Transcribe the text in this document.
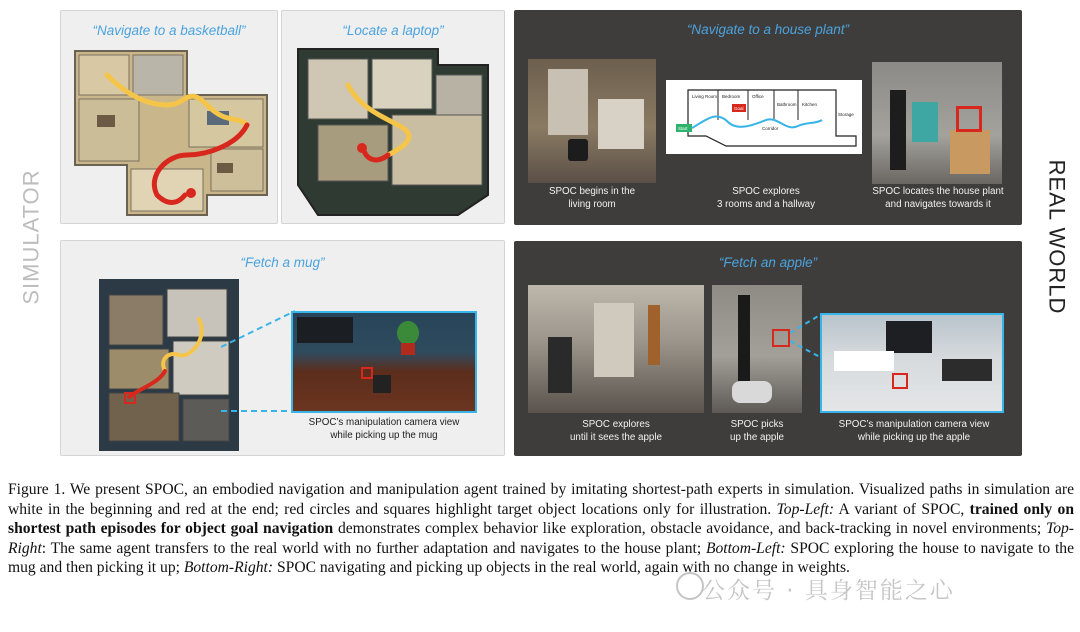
SIMULATOR	REAL WORLD
“Navigate to a basketball”	“Locate a laptop”	“Navigate to a house plant”
SPOC begins in the
living room
Living Room Bedroom	Office
Bathroom Kitchen
Storage
Corridor
Start
Goal
SPOC explores
3 rooms and a hallway
SPOC locates the house plant
and navigates towards it
“Fetch a mug”
SPOC’s manipulation camera view
while picking up the mug
“Fetch an apple”
SPOC explores
until it sees the apple
SPOC picks
up the apple
SPOC’s manipulation camera view
while picking up the apple
Figure 1. We present SPOC, an embodied navigation and manipulation agent trained by imitating shortest-path experts in simulation. Visualized paths in simulation are white in the beginning and red at the end; red circles and squares highlight target object locations only for illustration. Top-Left: A variant of SPOC, trained only on shortest path episodes for object goal navigation demonstrates complex behavior like exploration, obstacle avoidance, and back-tracking in novel environments; Top-Right: The same agent transfers to the real world with no further adaptation and navigates to the house plant; Bottom-Left: SPOC exploring the house to navigate to the mug and then picking it up; Bottom-Right: SPOC navigating and picking up objects in the real world, again with no change in weights.
公众号 · 具身智能之心
